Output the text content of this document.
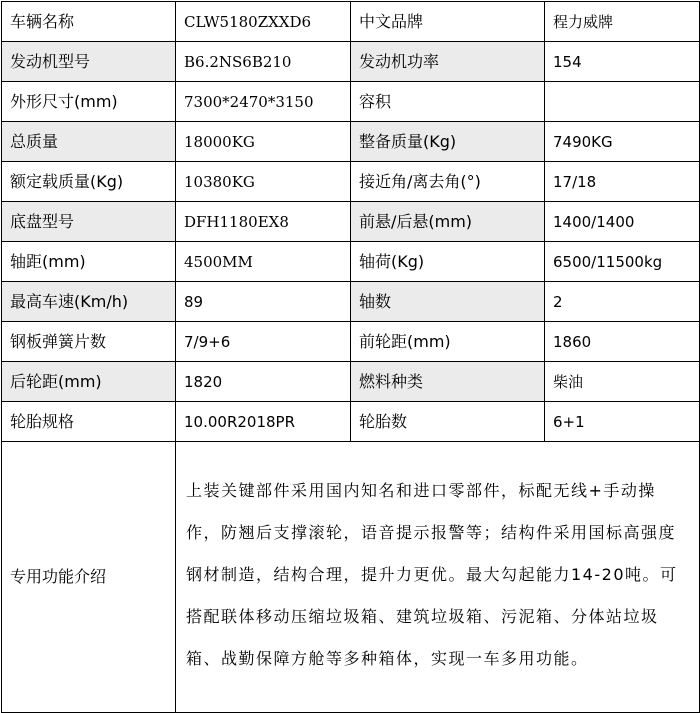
车辆名称	CLW5180ZXXD6	中文品牌	程力威牌
发动机型号	B6.2NS6B210	发动机功率	154
外形尺寸(mm)	7300*2470*3150	容积	
总质量	18000KG	整备质量(Kg)	7490KG
额定载质量(Kg)	10380KG	接近角/离去角(°)	17/18
底盘型号	DFH1180EX8	前悬/后悬(mm)	1400/1400
轴距(mm)	4500MM	轴荷(Kg)	6500/11500kg
最高车速(Km/h)	89	轴数	2
钢板弹簧片数	7/9+6	前轮距(mm)	1860
后轮距(mm)	1820	燃料种类	柴油
轮胎规格	10.00R2018PR	轮胎数	6+1
专用功能介绍	上装关键部件采用国内知名和进口零部件，标配无线+手动操作，防翘后支撑滚轮，语音提示报警等；结构件采用国标高强度钢材制造，结构合理，提升力更优。最大勾起能力14-20吨。可搭配联体移动压缩垃圾箱、建筑垃圾箱、污泥箱、分体站垃圾箱、战勤保障方舱等多种箱体，实现一车多用功能。		
